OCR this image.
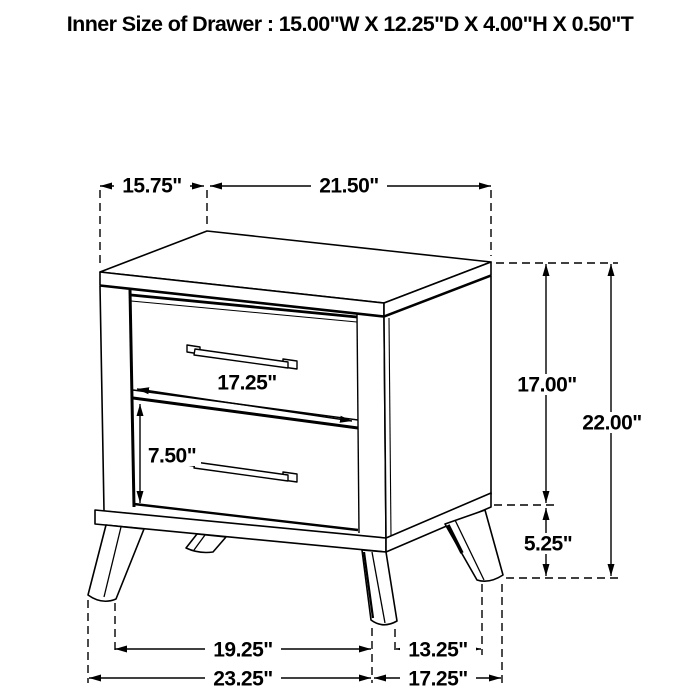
15.75"	21.50"
17.25"
7.50"
17.00"
22.00"
5.25"
19.25"	13.25"
23.25"	17.25"
Inner Size of Drawer : 15.00"W X 12.25"D X 4.00"H X 0.50"T
